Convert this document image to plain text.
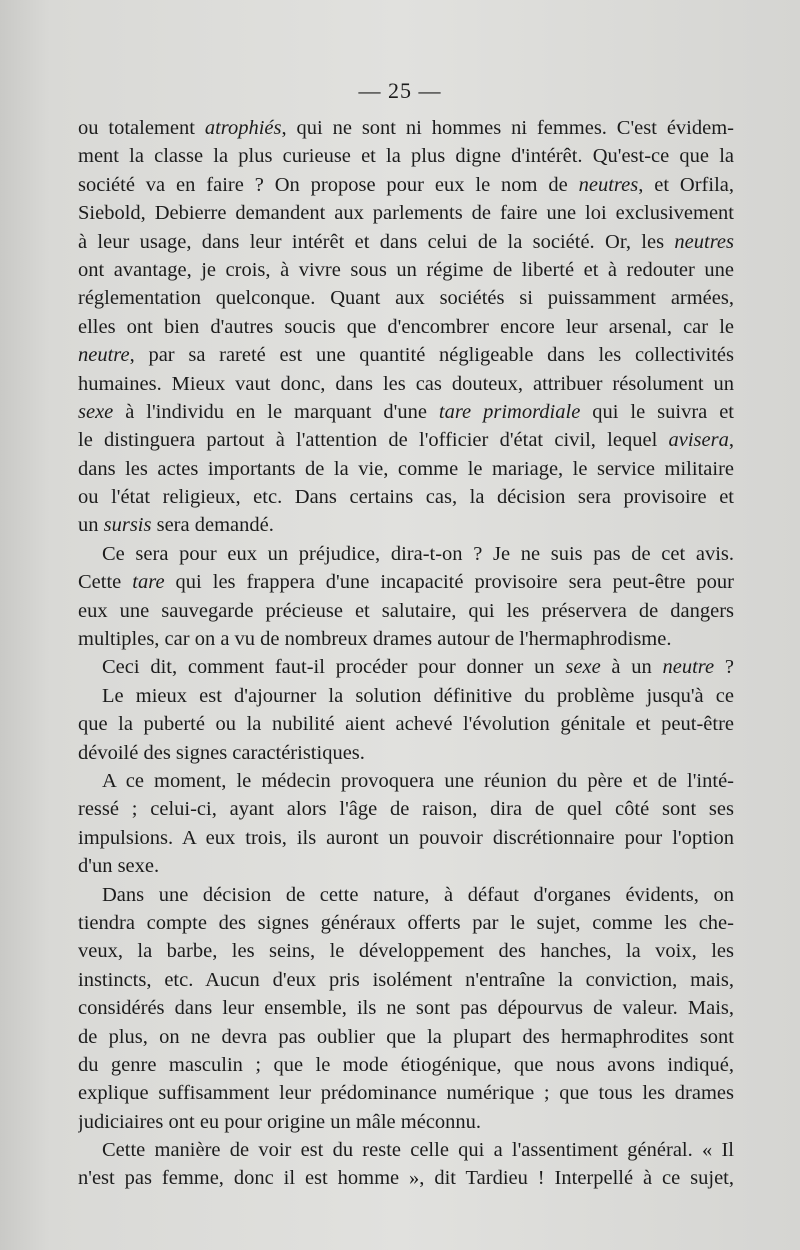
— 25 —
ou totalement atrophiés, qui ne sont ni hommes ni femmes. C'est évidem-
ment la classe la plus curieuse et la plus digne d'intérêt. Qu'est-ce que la
société va en faire ? On propose pour eux le nom de neutres, et Orfila,
Siebold, Debierre demandent aux parlements de faire une loi exclusivement
à leur usage, dans leur intérêt et dans celui de la société. Or, les neutres
ont avantage, je crois, à vivre sous un régime de liberté et à redouter une
réglementation quelconque. Quant aux sociétés si puissamment armées,
elles ont bien d'autres soucis que d'encombrer encore leur arsenal, car le
neutre, par sa rareté est une quantité négligeable dans les collectivités
humaines. Mieux vaut donc, dans les cas douteux, attribuer résolument un
sexe à l'individu en le marquant d'une tare primordiale qui le suivra et
le distinguera partout à l'attention de l'officier d'état civil, lequel avisera,
dans les actes importants de la vie, comme le mariage, le service militaire
ou l'état religieux, etc. Dans certains cas, la décision sera provisoire et
un sursis sera demandé.
Ce sera pour eux un préjudice, dira-t-on ? Je ne suis pas de cet avis.
Cette tare qui les frappera d'une incapacité provisoire sera peut-être pour
eux une sauvegarde précieuse et salutaire, qui les préservera de dangers
multiples, car on a vu de nombreux drames autour de l'hermaphrodisme.
Ceci dit, comment faut-il procéder pour donner un sexe à un neutre ?
Le mieux est d'ajourner la solution définitive du problème jusqu'à ce
que la puberté ou la nubilité aient achevé l'évolution génitale et peut-être
dévoilé des signes caractéristiques.
A ce moment, le médecin provoquera une réunion du père et de l'inté-
ressé ; celui-ci, ayant alors l'âge de raison, dira de quel côté sont ses
impulsions. A eux trois, ils auront un pouvoir discrétionnaire pour l'option
d'un sexe.
Dans une décision de cette nature, à défaut d'organes évidents, on
tiendra compte des signes généraux offerts par le sujet, comme les che-
veux, la barbe, les seins, le développement des hanches, la voix, les
instincts, etc. Aucun d'eux pris isolément n'entraîne la conviction, mais,
considérés dans leur ensemble, ils ne sont pas dépourvus de valeur. Mais,
de plus, on ne devra pas oublier que la plupart des hermaphrodites sont
du genre masculin ; que le mode étiogénique, que nous avons indiqué,
explique suffisamment leur prédominance numérique ; que tous les drames
judiciaires ont eu pour origine un mâle méconnu.
Cette manière de voir est du reste celle qui a l'assentiment général. « Il
n'est pas femme, donc il est homme », dit Tardieu ! Interpellé à ce sujet,
